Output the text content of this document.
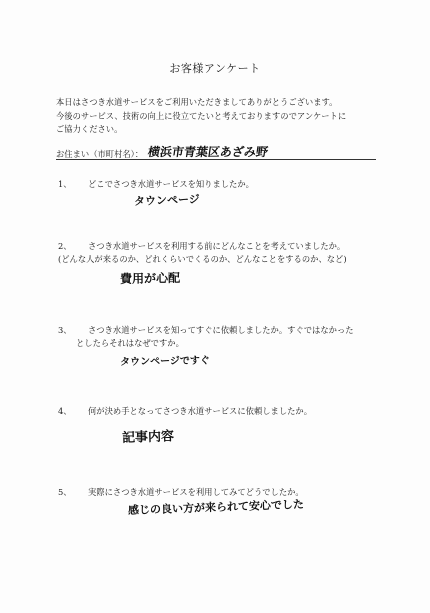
お客様アンケート
本日はさつき水道サービスをご利用いただきましてありがとうございます。
今後のサービス、技術の向上に役立てたいと考えておりますのでアンケートに
ご協力ください。
お住まい（市町村名）： 横浜市青葉区あざみ野
1、 どこでさつき水道サービスを知りましたか。
タウンページ
2、 さつき水道サービスを利用する前にどんなことを考えていましたか。
(どんな人が来るのか、どれくらいでくるのか、どんなことをするのか、など)
費用が心配
3、 さつき水道サービスを知ってすぐに依頼しましたか。すぐではなかった
としたらそれはなぜですか。
タウンページですぐ
4、 何が決め手となってさつき水道サービスに依頼しましたか。
記事内容
5、 実際にさつき水道サービスを利用してみてどうでしたか。
感じの良い方が来られて安心でした
